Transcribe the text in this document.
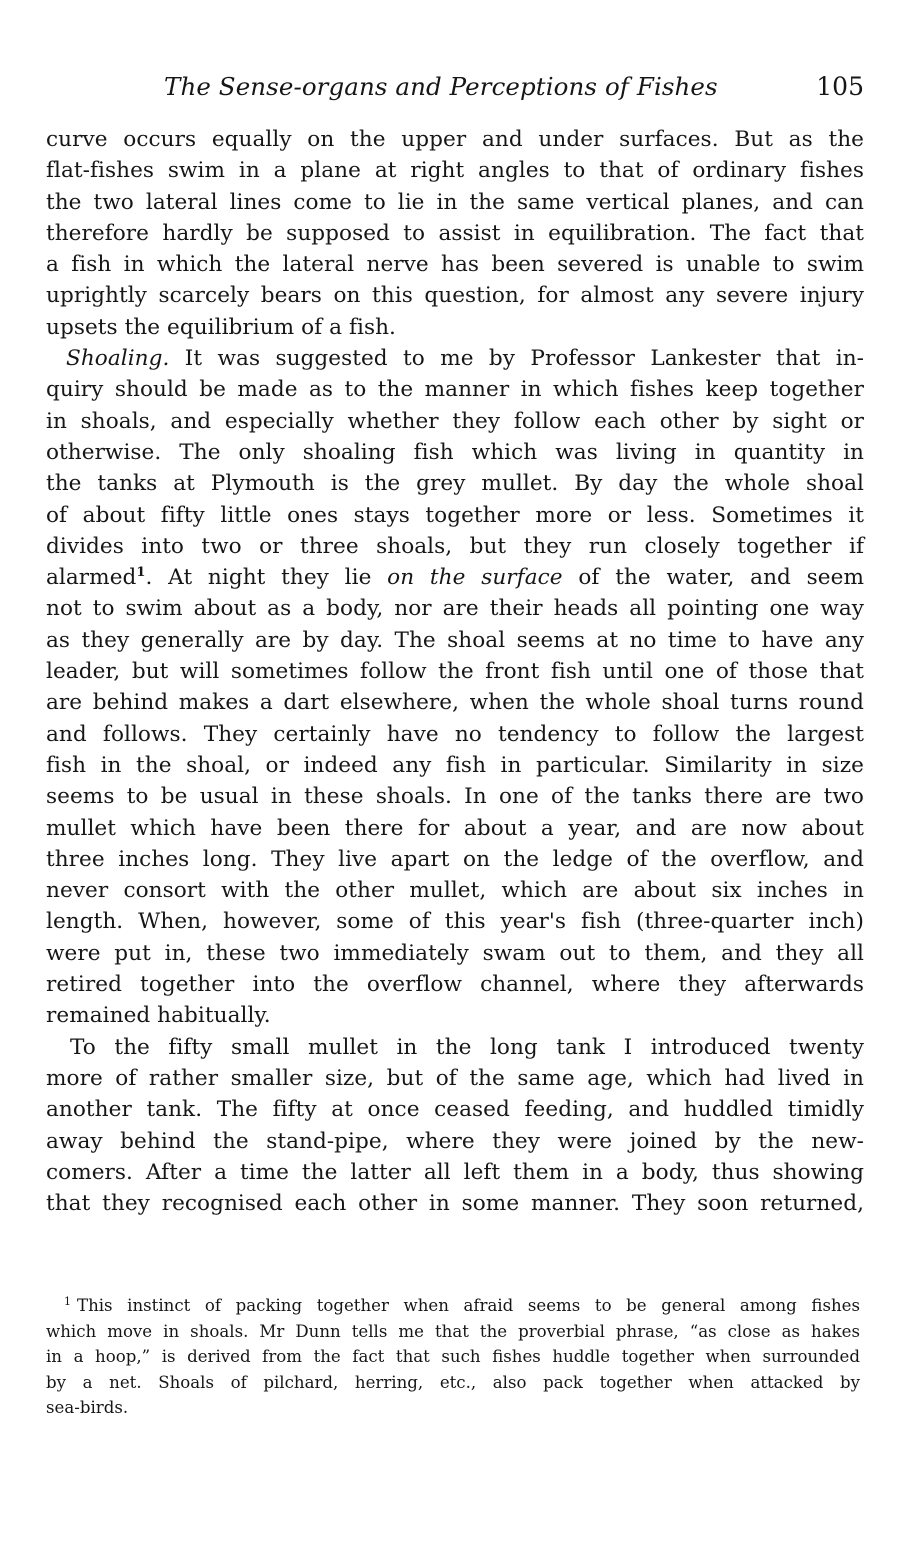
The Sense-organs and Perceptions of Fishes	105
curve occurs equally on the upper and under surfaces. But as the
flat-fishes swim in a plane at right angles to that of ordinary fishes
the two lateral lines come to lie in the same vertical planes, and can
therefore hardly be supposed to assist in equilibration. The fact that
a fish in which the lateral nerve has been severed is unable to swim
uprightly scarcely bears on this question, for almost any severe injury
upsets the equilibrium of a fish.
Shoaling. It was suggested to me by Professor Lankester that in-
quiry should be made as to the manner in which fishes keep together
in shoals, and especially whether they follow each other by sight or
otherwise. The only shoaling fish which was living in quantity in
the tanks at Plymouth is the grey mullet. By day the whole shoal
of about fifty little ones stays together more or less. Sometimes it
divides into two or three shoals, but they run closely together if
alarmed$^1$. At night they lie on the surface of the water, and seem
not to swim about as a body, nor are their heads all pointing one way
as they generally are by day. The shoal seems at no time to have any
leader, but will sometimes follow the front fish until one of those that
are behind makes a dart elsewhere, when the whole shoal turns round
and follows. They certainly have no tendency to follow the largest
fish in the shoal, or indeed any fish in particular. Similarity in size
seems to be usual in these shoals. In one of the tanks there are two
mullet which have been there for about a year, and are now about
three inches long. They live apart on the ledge of the overflow, and
never consort with the other mullet, which are about six inches in
length. When, however, some of this year's fish (three-quarter inch)
were put in, these two immediately swam out to them, and they all
retired together into the overflow channel, where they afterwards
remained habitually.
To the fifty small mullet in the long tank I introduced twenty
more of rather smaller size, but of the same age, which had lived in
another tank. The fifty at once ceased feeding, and huddled timidly
away behind the stand-pipe, where they were joined by the new-
comers. After a time the latter all left them in a body, thus showing
that they recognised each other in some manner. They soon returned,
$^1$ This instinct of packing together when afraid seems to be general among fishes
which move in shoals. Mr Dunn tells me that the proverbial phrase, “as close as hakes
in a hoop,” is derived from the fact that such fishes huddle together when surrounded
by a net. Shoals of pilchard, herring, etc., also pack together when attacked by
sea-birds.
